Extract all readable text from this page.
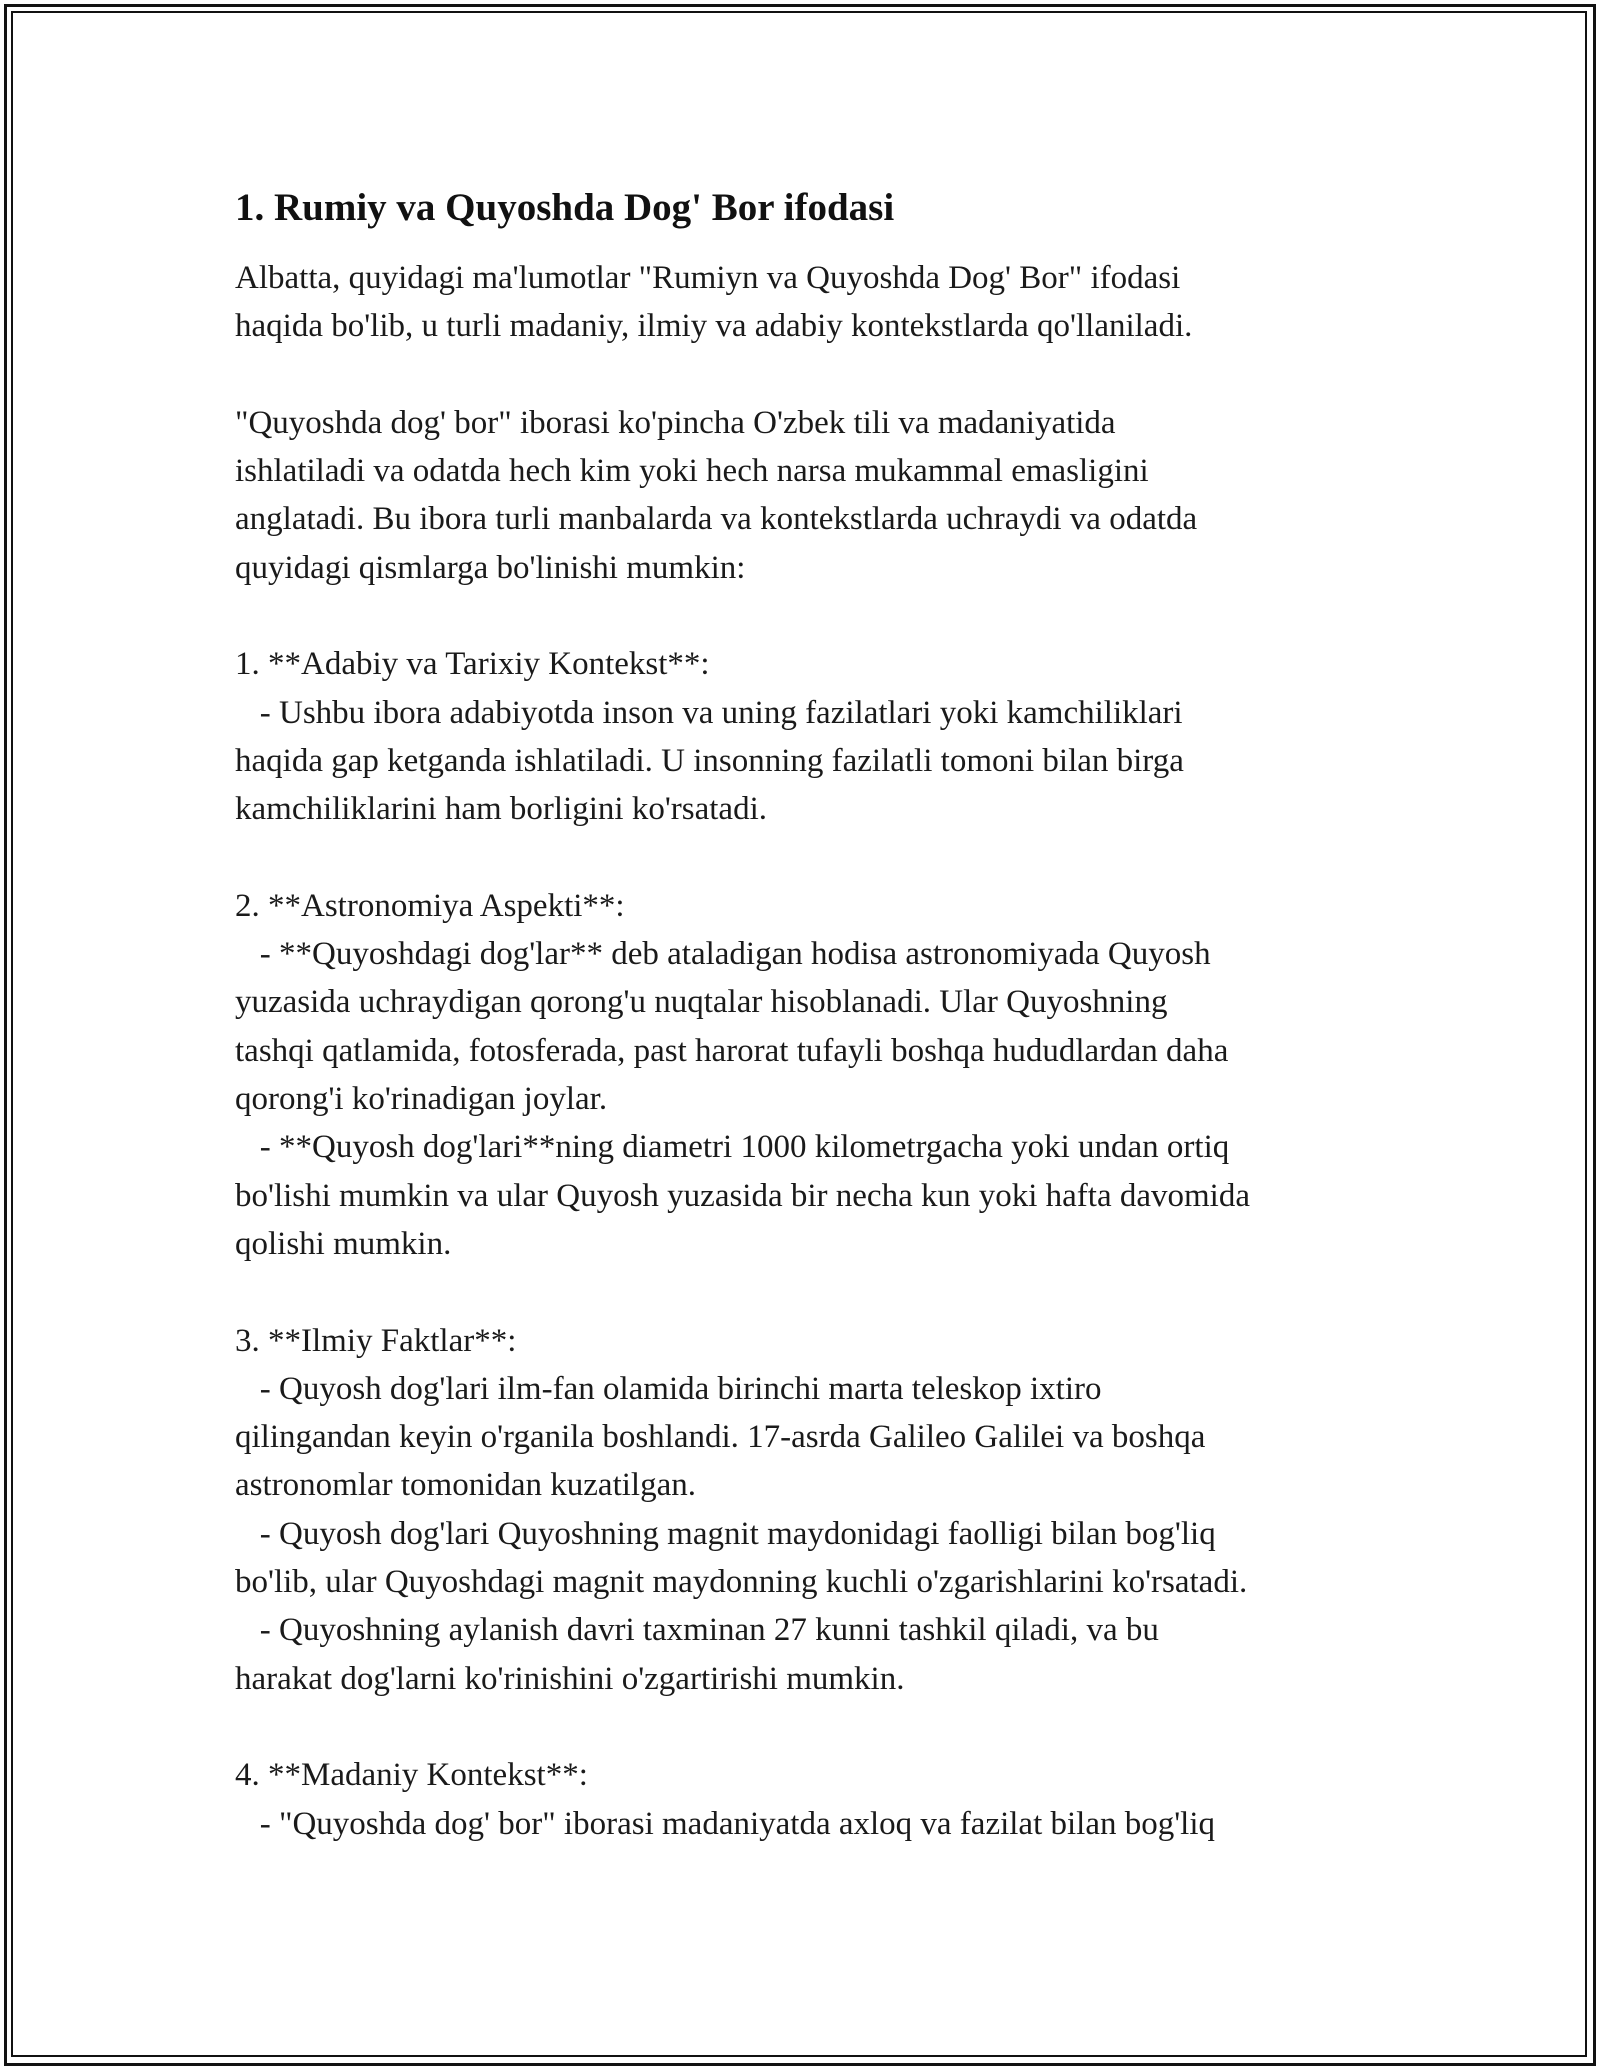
1. Rumiy va Quyoshda Dog' Bor ifodasi

Albatta, quyidagi ma'lumotlar "Rumiyn va Quyoshda Dog' Bor" ifodasi

haqida bo'lib, u turli madaniy, ilmiy va adabiy kontekstlarda qo'llaniladi.

"Quyoshda dog' bor" iborasi ko'pincha O'zbek tili va madaniyatida

ishlatiladi va odatda hech kim yoki hech narsa mukammal emasligini

anglatadi. Bu ibora turli manbalarda va kontekstlarda uchraydi va odatda

quyidagi qismlarga bo'linishi mumkin:

1. **Adabiy va Tarixiy Kontekst**:

- Ushbu ibora adabiyotda inson va uning fazilatlari yoki kamchiliklari

haqida gap ketganda ishlatiladi. U insonning fazilatli tomoni bilan birga

kamchiliklarini ham borligini ko'rsatadi.

2. **Astronomiya Aspekti**:

- **Quyoshdagi dog'lar** deb ataladigan hodisa astronomiyada Quyosh

yuzasida uchraydigan qorong'u nuqtalar hisoblanadi. Ular Quyoshning

tashqi qatlamida, fotosferada, past harorat tufayli boshqa hududlardan daha

qorong'i ko'rinadigan joylar.

- **Quyosh dog'lari**ning diametri 1000 kilometrgacha yoki undan ortiq

bo'lishi mumkin va ular Quyosh yuzasida bir necha kun yoki hafta davomida

qolishi mumkin.

3. **Ilmiy Faktlar**:

- Quyosh dog'lari ilm-fan olamida birinchi marta teleskop ixtiro

qilingandan keyin o'rganila boshlandi. 17-asrda Galileo Galilei va boshqa

astronomlar tomonidan kuzatilgan.

- Quyosh dog'lari Quyoshning magnit maydonidagi faolligi bilan bog'liq

bo'lib, ular Quyoshdagi magnit maydonning kuchli o'zgarishlarini ko'rsatadi.

- Quyoshning aylanish davri taxminan 27 kunni tashkil qiladi, va bu

harakat dog'larni ko'rinishini o'zgartirishi mumkin.

4. **Madaniy Kontekst**:

- "Quyoshda dog' bor" iborasi madaniyatda axloq va fazilat bilan bog'liq
